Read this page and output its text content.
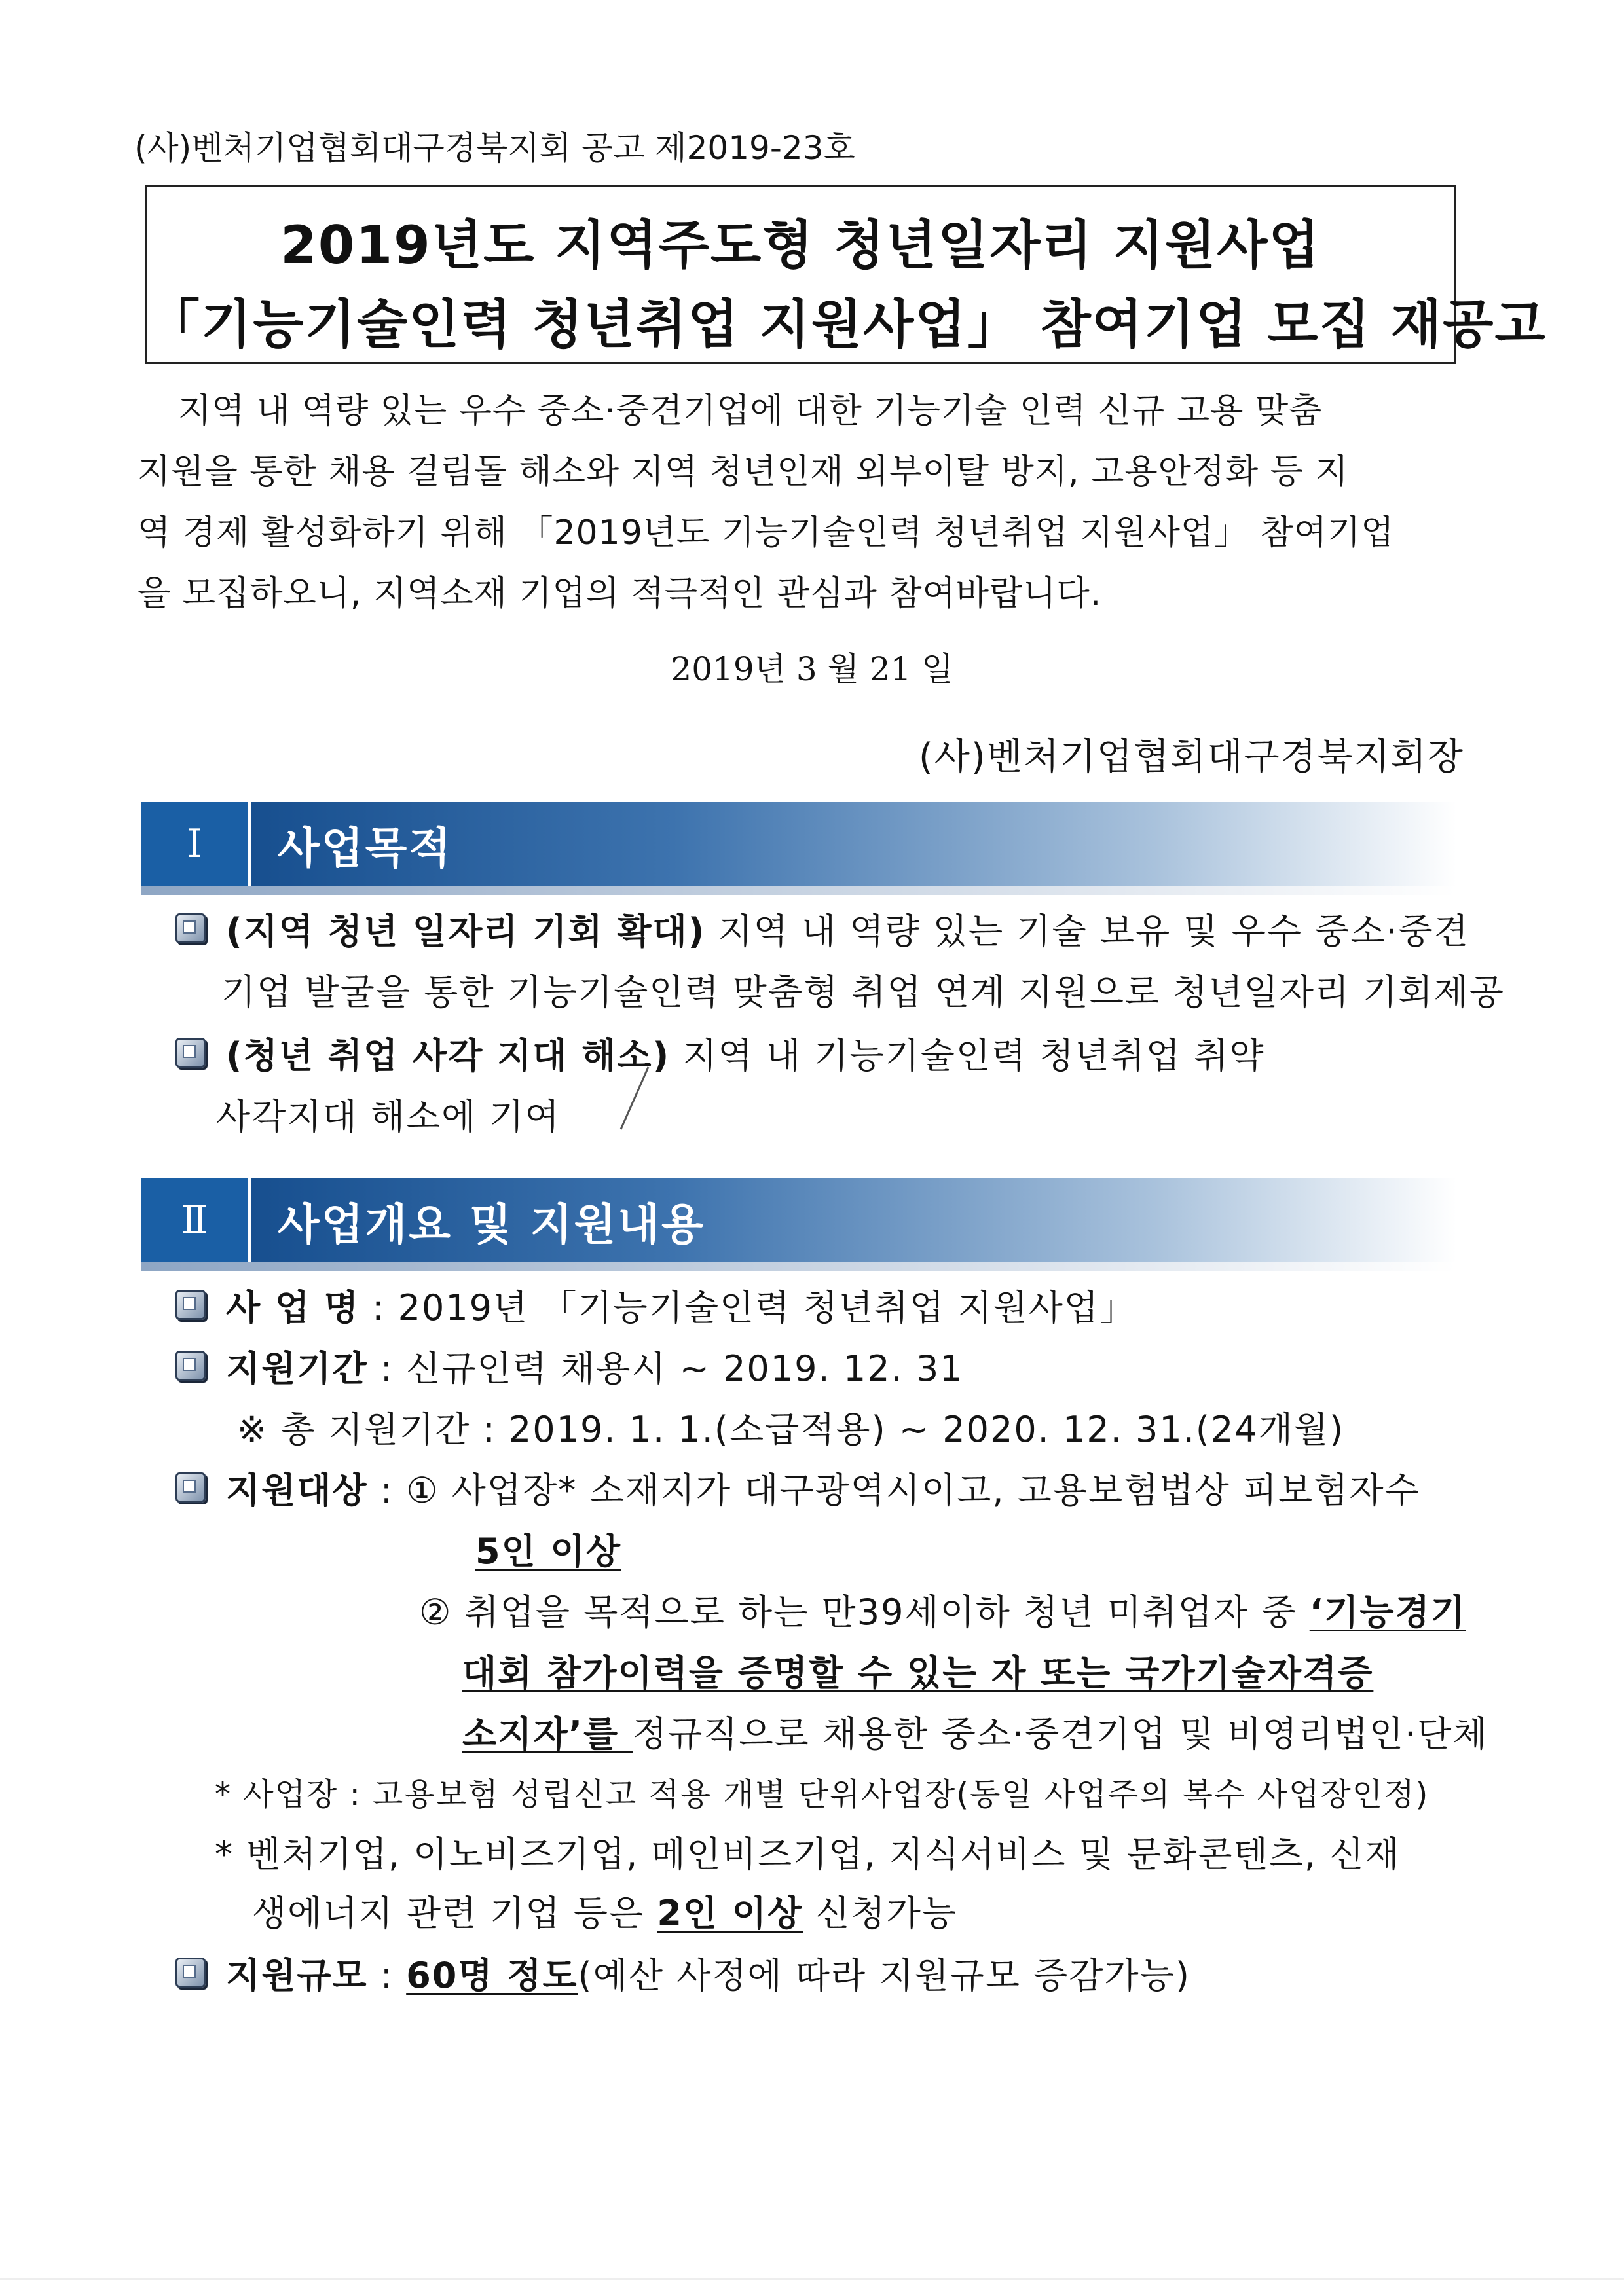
(사)벤처기업협회대구경북지회 공고 제2019-23호
2019년도 지역주도형 청년일자리 지원사업
「기능기술인력 청년취업 지원사업」 참여기업 모집 재공고
지역 내 역량 있는 우수 중소·중견기업에 대한 기능기술 인력 신규 고용 맞춤
지원을 통한 채용 걸림돌 해소와 지역 청년인재 외부이탈 방지, 고용안정화 등 지
역 경제 활성화하기 위해 「2019년도 기능기술인력 청년취업 지원사업」 참여기업
을 모집하오니, 지역소재 기업의 적극적인 관심과 참여바랍니다.
2019년 3 월 21 일
(사)벤처기업협회대구경북지회장
Ⅰ	사업목적
(지역 청년 일자리 기회 확대) 지역 내 역량 있는 기술 보유 및 우수 중소·중견
기업 발굴을 통한 기능기술인력 맞춤형 취업 연계 지원으로 청년일자리 기회제공
(청년 취업 사각 지대 해소) 지역 내 기능기술인력 청년취업 취약
사각지대 해소에 기여
Ⅱ	사업개요 및 지원내용
사 업 명 : 2019년 「기능기술인력 청년취업 지원사업」
지원기간 : 신규인력 채용시 ~ 2019. 12. 31
※ 총 지원기간 : 2019. 1. 1.(소급적용) ~ 2020. 12. 31.(24개월)
지원대상 : ① 사업장* 소재지가 대구광역시이고, 고용보험법상 피보험자수
5인 이상
② 취업을 목적으로 하는 만39세이하 청년 미취업자 중 ‘기능경기
대회 참가이력을 증명할 수 있는 자 또는 국가기술자격증
소지자’를 정규직으로 채용한 중소·중견기업 및 비영리법인·단체
* 사업장 : 고용보험 성립신고 적용 개별 단위사업장(동일 사업주의 복수 사업장인정)
* 벤처기업, 이노비즈기업, 메인비즈기업, 지식서비스 및 문화콘텐츠, 신재
생에너지 관련 기업 등은 2인 이상 신청가능
지원규모 : 60명 정도(예산 사정에 따라 지원규모 증감가능)
